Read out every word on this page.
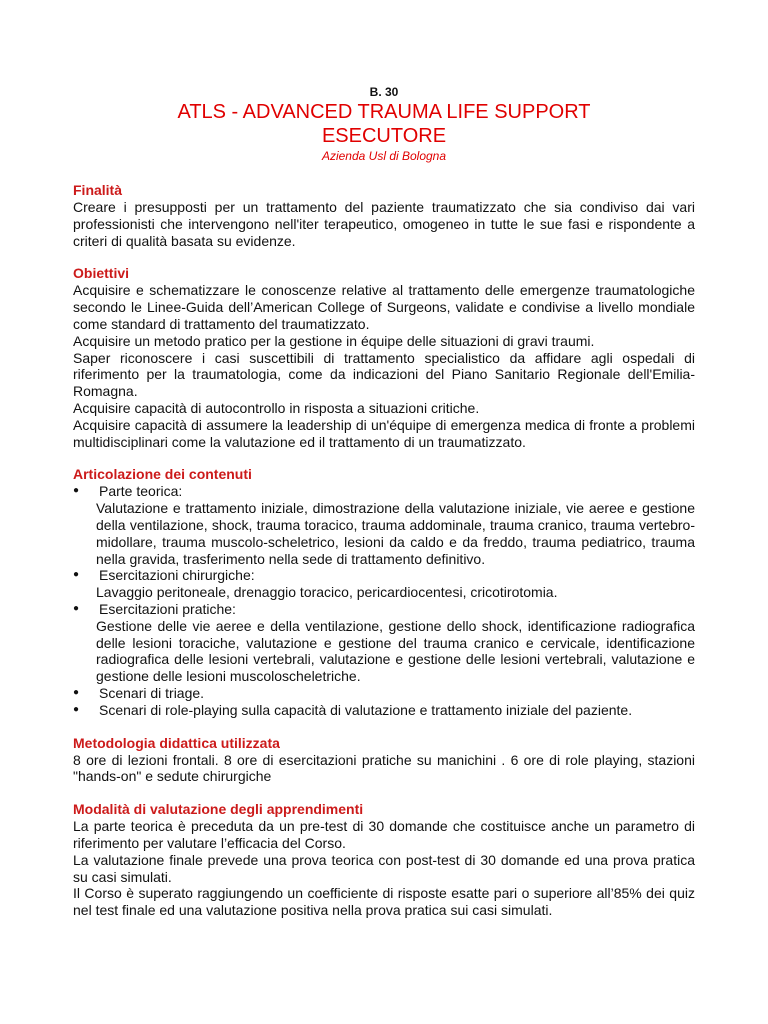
B. 30
ATLS - ADVANCED TRAUMA LIFE SUPPORT
ESECUTORE
Azienda Usl di Bologna
Finalità

Creare i presupposti per un trattamento del paziente traumatizzato che sia condiviso dai vari professionisti che intervengono nell'iter terapeutico, omogeneo in tutte le sue fasi e rispondente a criteri di qualità basata su evidenze.

Obiettivi

Acquisire e schematizzare le conoscenze relative al trattamento delle emergenze traumatologiche secondo le Linee-Guida dell’American College of Surgeons, validate e condivise a livello mondiale come standard di trattamento del traumatizzato.

Acquisire un metodo pratico per la gestione in équipe delle situazioni di gravi traumi.

Saper riconoscere i casi suscettibili di trattamento specialistico da affidare agli ospedali di riferimento per la traumatologia, come da indicazioni del Piano Sanitario Regionale dell'Emilia-Romagna.

Acquisire capacità di autocontrollo in risposta a situazioni critiche.

Acquisire capacità di assumere la leadership di un'équipe di emergenza medica di fronte a problemi multidisciplinari come la valutazione ed il trattamento di un traumatizzato.

Articolazione dei contenuti
●	Parte teorica:
Valutazione e trattamento iniziale, dimostrazione della valutazione iniziale, vie aeree e gestione della ventilazione, shock, trauma toracico, trauma addominale, trauma cranico, trauma vertebro-midollare, trauma muscolo-scheletrico, lesioni da caldo e da freddo, trauma pediatrico, trauma nella gravida, trasferimento nella sede di trattamento definitivo.
●	Esercitazioni chirurgiche:
Lavaggio peritoneale, drenaggio toracico, pericardiocentesi, cricotirotomia.
●	Esercitazioni pratiche:
Gestione delle vie aeree e della ventilazione, gestione dello shock, identificazione radiografica delle lesioni toraciche, valutazione e gestione del trauma cranico e cervicale, identificazione radiografica delle lesioni vertebrali, valutazione e gestione delle lesioni vertebrali, valutazione e gestione delle lesioni muscoloscheletriche.
●	Scenari di triage.
●	Scenari di role-playing sulla capacità di valutazione e trattamento iniziale del paziente.
Metodologia didattica utilizzata

8 ore di lezioni frontali. 8 ore di esercitazioni pratiche su manichini . 6 ore di role playing, stazioni "hands-on" e sedute chirurgiche

Modalità di valutazione degli apprendimenti

La parte teorica è preceduta da un pre-test di 30 domande che costituisce anche un parametro di riferimento per valutare l’efficacia del Corso.

La valutazione finale prevede una prova teorica con post-test di 30 domande ed una prova pratica su casi simulati.

Il Corso è superato raggiungendo un coefficiente di risposte esatte pari o superiore all’85% dei quiz nel test finale ed una valutazione positiva nella prova pratica sui casi simulati.
